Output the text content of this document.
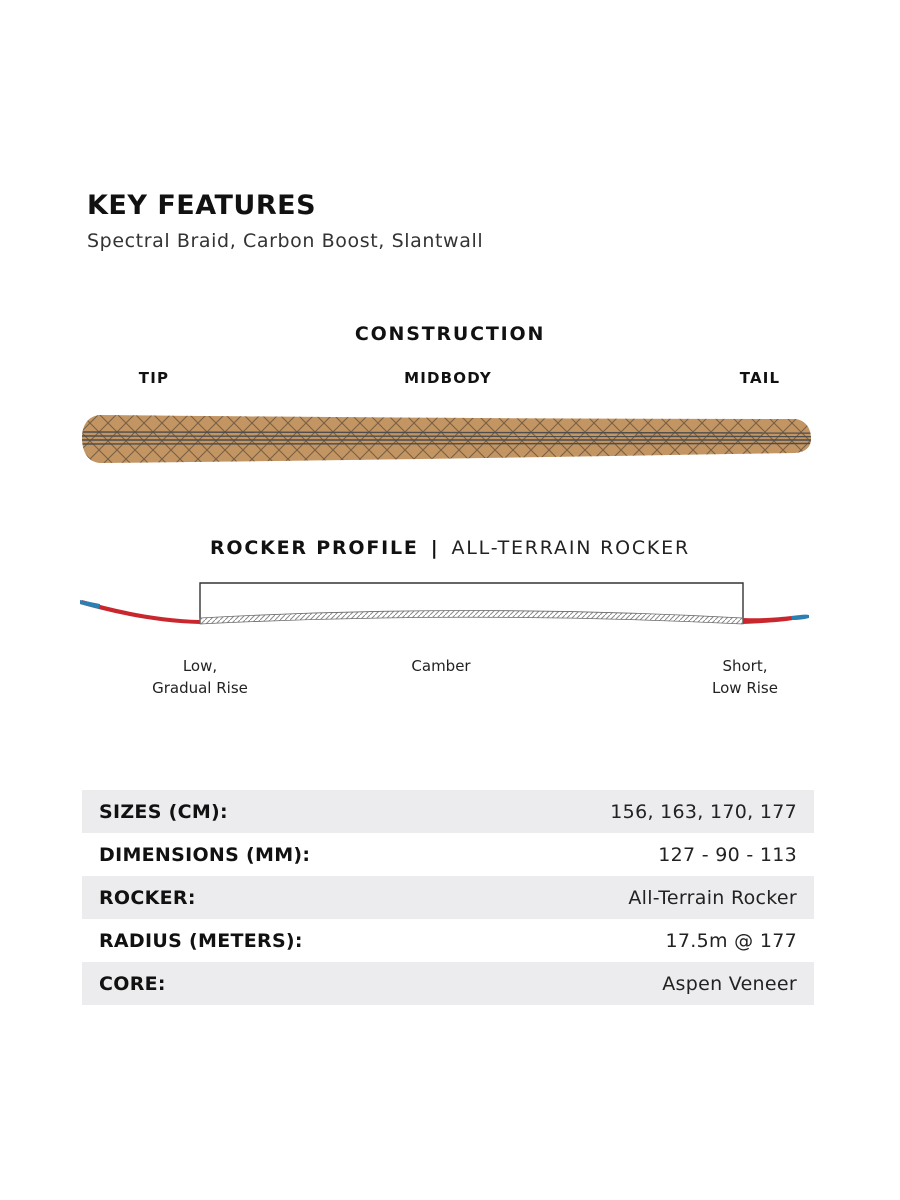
KEY FEATURES

Spectral Braid, Carbon Boost, Slantwall

CONSTRUCTION
TIP	MIDBODY	TAIL
ROCKER PROFILE | ALL-TERRAIN ROCKER
Low,
Gradual Rise
Camber	Short,
Low Rise
SIZES (CM):	156, 163, 170, 177
DIMENSIONS (MM):	127 - 90 - 113
ROCKER:	All-Terrain Rocker
RADIUS (METERS):	17.5m @ 177
CORE:	Aspen Veneer
